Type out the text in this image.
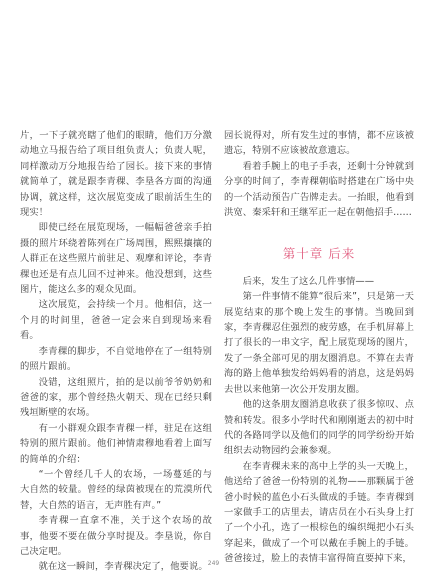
片，一下子就亮瞎了他们的眼睛，他们万分激动地立马报告给了项目组负责人；负责人呢，同样激动万分地报告给了园长。接下来的事情就简单了，就是跟李青稞、李垦各方面的沟通协调，就这样，这次展览变成了眼前活生生的现实！

即使已经在展览现场，一幅幅爸爸亲手拍摄的照片环绕着陈列在广场周围，熙熙攘攘的人群正在这些照片前驻足、观摩和评论，李青稞也还是有点儿回不过神来。他没想到，这些图片，能这么多的观众见面。

这次展览，会持续一个月。他相信，这一个月的时间里，爸爸一定会来自到现场来看看。

李青稞的脚步，不自觉地停在了一组特别的照片跟前。

没错，这组照片，拍的是以前爷爷奶奶和爸爸的家，那个曾经热火朝天、现在已经只剩残垣断壁的农场。

有一小群观众跟李青稞一样，驻足在这组特别的照片跟前。他们神情肃穆地看着上面写的简单的介绍：

“一个曾经几千人的农场，一场蔓延的与大自然的较量。曾经的绿茵被现在的荒漠所代替，大自然的语言，无声胜有声。”

李青稞一直拿不准，关于这个农场的故事，他要不要在做分享时提及。李垦说，你自己决定吧。

就在这一瞬间，李青稞决定了，他要说。

园长说得对，所有发生过的事情，都不应该被遗忘，特别不应该被故意遗忘。

看着手腕上的电子手表，还剩十分钟就到分享的时间了，李青稞朝临时搭建在广场中央的一个活动预告广告牌走去。一抬眼，他看到洪宽、秦采轩和王继军正一起在朝他招手……

第十章 后来

后来，发生了这么几件事情——

第一件事情不能算“很后来”，只是第一天展览结束的那个晚上发生的事情。当晚回到家，李青稞忍住强烈的疲劳感，在手机屏幕上打了很长的一串文字，配上展览现场的图片，发了一条全部可见的朋友圈消息。不算在去青海的路上他单独发给妈妈看的消息，这是妈妈去世以来他第一次公开发朋友圈。

他的这条朋友圈消息收获了很多惊叹、点赞和转发。很多小学时代和刚刚逝去的初中时代的各路同学以及他们的同学的同学纷纷开始组织去动物园约会兼参观。

在李青稞未来的高中上学的头一天晚上，他送给了爸爸一份特别的礼物——那颗属于爸爸小时候的蓝色小石头做成的手链。李青稞到一家做手工的店里去，请店员在小石头身上打了一个小孔，选了一根棕色的编织绳把小石头穿起来，做成了一个可以戴在手腕上的手链。爸爸接过，脸上的表情丰富得简直要掉下来，

249
